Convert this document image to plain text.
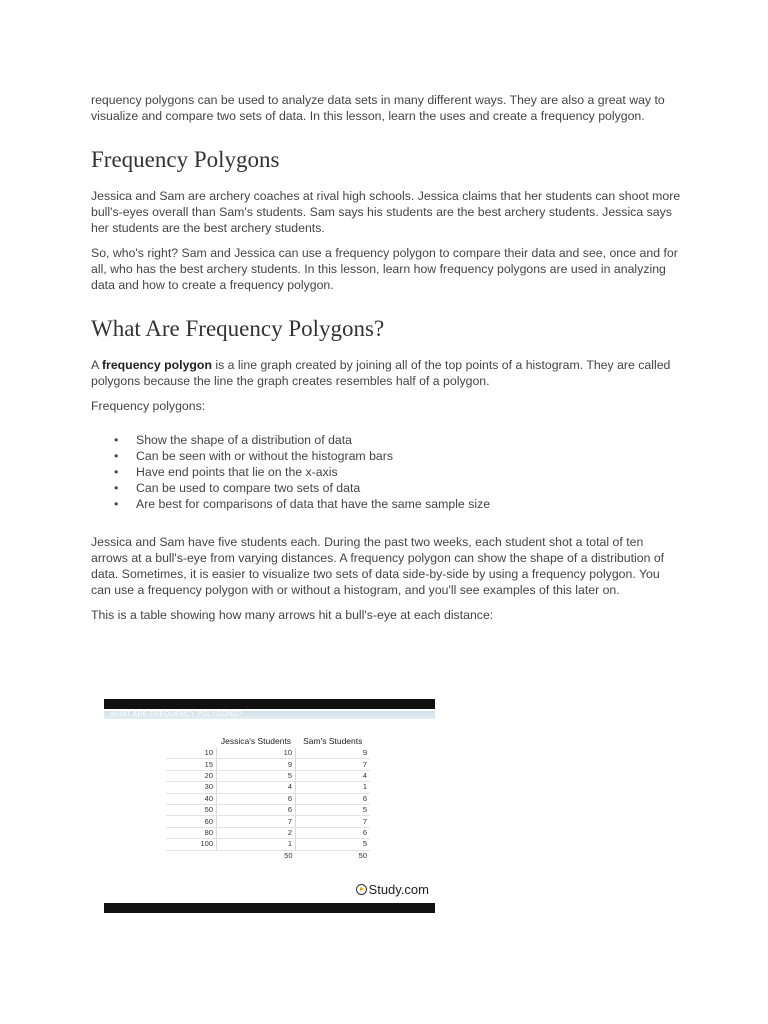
requency polygons can be used to analyze data sets in many different ways. They are also a great way to visualize and compare two sets of data. In this lesson, learn the uses and create a frequency polygon.

Frequency Polygons

Jessica and Sam are archery coaches at rival high schools. Jessica claims that her students can shoot more bull's-eyes overall than Sam's students. Sam says his students are the best archery students. Jessica says her students are the best archery students.

So, who's right? Sam and Jessica can use a frequency polygon to compare their data and see, once and for all, who has the best archery students. In this lesson, learn how frequency polygons are used in analyzing data and how to create a frequency polygon.

What Are Frequency Polygons?

A frequency polygon is a line graph created by joining all of the top points of a histogram. They are called polygons because the line the graph creates resembles half of a polygon.

Frequency polygons:

• Show the shape of a distribution of data
• Can be seen with or without the histogram bars
• Have end points that lie on the x-axis
• Can be used to compare two sets of data
• Are best for comparisons of data that have the same sample size

Jessica and Sam have five students each. During the past two weeks, each student shot a total of ten arrows at a bull's-eye from varying distances. A frequency polygon can show the shape of a distribution of data. Sometimes, it is easier to visualize two sets of data side-by-side by using a frequency polygon. You can use a frequency polygon with or without a histogram, and you'll see examples of this later on.

This is a table showing how many arrows hit a bull's-eye at each distance:

WHAT ARE FREQUENCY POLYGONS?
	Jessica's Students	Sam's Students
10	10	9
15	9	7
20	5	4
30	4	1
40	6	6
50	6	5
60	7	7
80	2	6
100	1	5
	50	50
Study.com
